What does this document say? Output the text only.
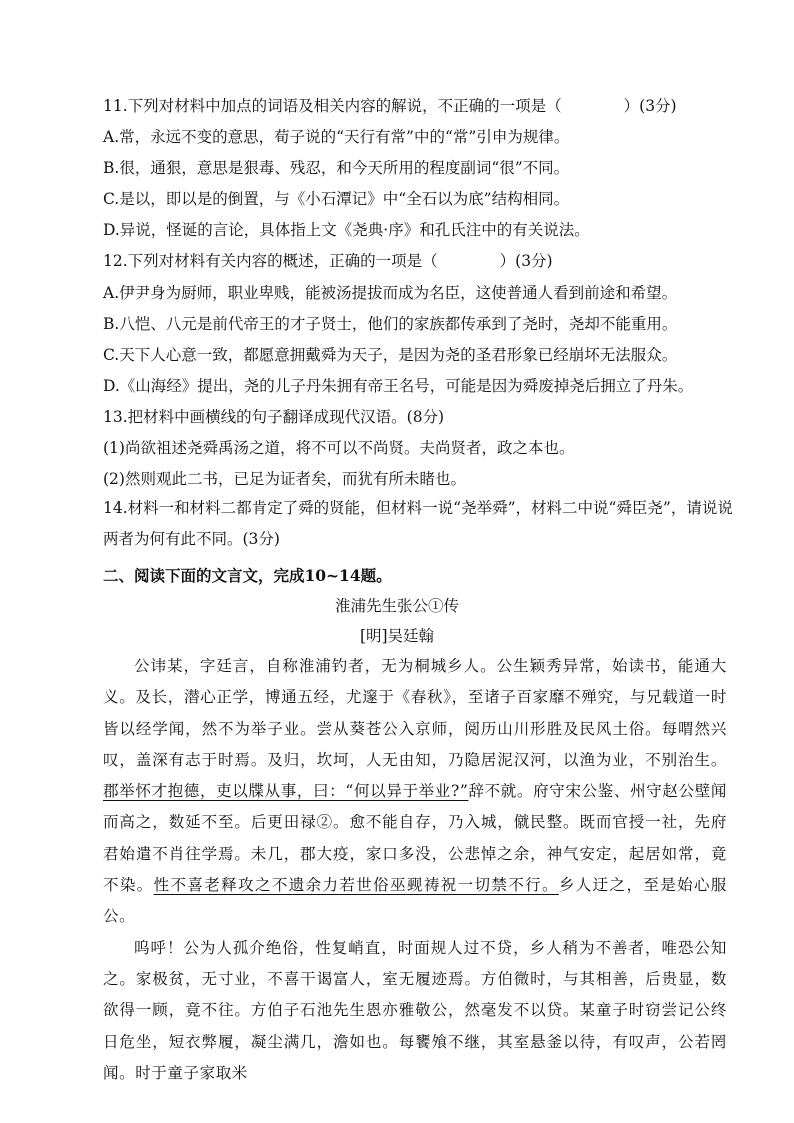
11.下列对材料中加点的词语及相关内容的解说，不正确的一项是（　　　　）(3分)
A.常，永远不变的意思，荀子说的“天行有常”中的“常”引申为规律。
B.很，通狠，意思是狠毒、残忍，和今天所用的程度副词“很”不同。
C.是以，即以是的倒置，与《小石潭记》中“全石以为底”结构相同。
D.异说，怪诞的言论，具体指上文《尧典·序》和孔氏注中的有关说法。
12.下列对材料有关内容的概述，正确的一项是（　　　　）(3分)
A.伊尹身为厨师，职业卑贱，能被汤提拔而成为名臣，这使普通人看到前途和希望。
B.八恺、八元是前代帝王的才子贤士，他们的家族都传承到了尧时，尧却不能重用。
C.天下人心意一致，都愿意拥戴舜为天子，是因为尧的圣君形象已经崩坏无法服众。
D.《山海经》提出，尧的儿子丹朱拥有帝王名号，可能是因为舜废掉尧后拥立了丹朱。
13.把材料中画横线的句子翻译成现代汉语。(8分)
(1)尚欲祖述尧舜禹汤之道，将不可以不尚贤。夫尚贤者，政之本也。
(2)然则观此二书，已足为证者矣，而犹有所未睹也。
14.材料一和材料二都肯定了舜的贤能，但材料一说“尧举舜”，材料二中说“舜臣尧”，请说说两者为何有此不同。(3分)
二、阅读下面的文言文，完成10~14题。
淮浦先生张公①传
[明]吴廷翰

公讳某，字廷言，自称淮浦钓者，无为桐城乡人。公生颖秀异常，始读书，能通大义。及长，潜心正学，博通五经，尤邃于《春秋》，至诸子百家靡不殚究，与兄载道一时皆以经学闻，然不为举子业。尝从葵苍公入京师，阅历山川形胜及民风土俗。每喟然兴叹，盖深有志于时焉。及归，坎坷，人无由知，乃隐居泥汉河，以渔为业，不别治生。郡举怀才抱德，吏以牒从事，曰：“何以异于举业?”辞不就。府守宋公鉴、州守赵公壁闻而高之，数延不至。后更田禄②。愈不能自存，乃入城，僦民整。既而官授一社，先府君始遣不肖往学焉。未几，郡大疫，家口多没，公悲悼之余，神气安定，起居如常，竟不染。性不喜老释攻之不遗余力若世俗巫觋祷祝一切禁不行。乡人迂之，至是始心服公。

呜呼！公为人孤介绝俗，性复峭直，时面规人过不贷，乡人稍为不善者，唯恐公知之。家极贫，无寸业，不喜干谒富人，室无履迹焉。方伯微时，与其相善，后贵显，数欲得一顾，竟不往。方伯子石池先生恩亦雅敬公，然毫发不以贷。某童子时窃尝记公终日危坐，短衣弊履，凝尘满几，澹如也。每饔飧不继，其室悬釜以待，有叹声，公若罔闻。时于童子家取米
